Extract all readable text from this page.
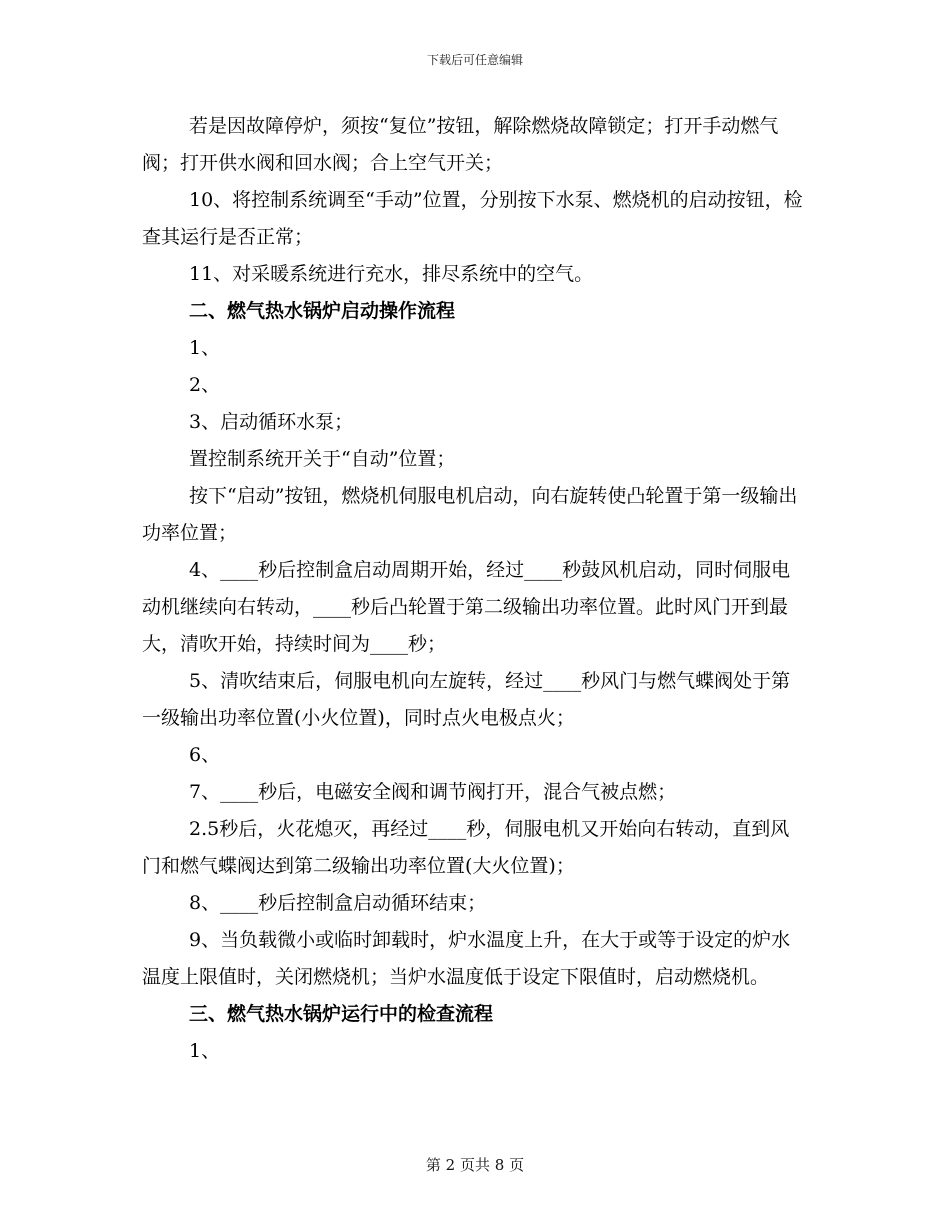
下载后可任意编辑

若是因故障停炉，须按“复位”按钮，解除燃烧故障锁定；打开手动燃气阀；打开供水阀和回水阀；合上空气开关；

10、将控制系统调至“手动”位置，分别按下水泵、燃烧机的启动按钮，检查其运行是否正常；

11、对采暖系统进行充水，排尽系统中的空气。

二、燃气热水锅炉启动操作流程

1、

2、

3、启动循环水泵；

置控制系统开关于“自动”位置；

按下“启动”按钮，燃烧机伺服电机启动，向右旋转使凸轮置于第一级输出功率位置；

4、____秒后控制盒启动周期开始，经过____秒鼓风机启动，同时伺服电动机继续向右转动，____秒后凸轮置于第二级输出功率位置。此时风门开到最大，清吹开始，持续时间为____秒；

5、清吹结束后，伺服电机向左旋转，经过____秒风门与燃气蝶阀处于第一级输出功率位置(小火位置)，同时点火电极点火；

6、

7、____秒后，电磁安全阀和调节阀打开，混合气被点燃；

2.5秒后，火花熄灭，再经过____秒，伺服电机又开始向右转动，直到风门和燃气蝶阀达到第二级输出功率位置(大火位置)；

8、____秒后控制盒启动循环结束；

9、当负载微小或临时卸载时，炉水温度上升，在大于或等于设定的炉水温度上限值时，关闭燃烧机；当炉水温度低于设定下限值时，启动燃烧机。

三、燃气热水锅炉运行中的检查流程

1、

第 2 页共 8 页
